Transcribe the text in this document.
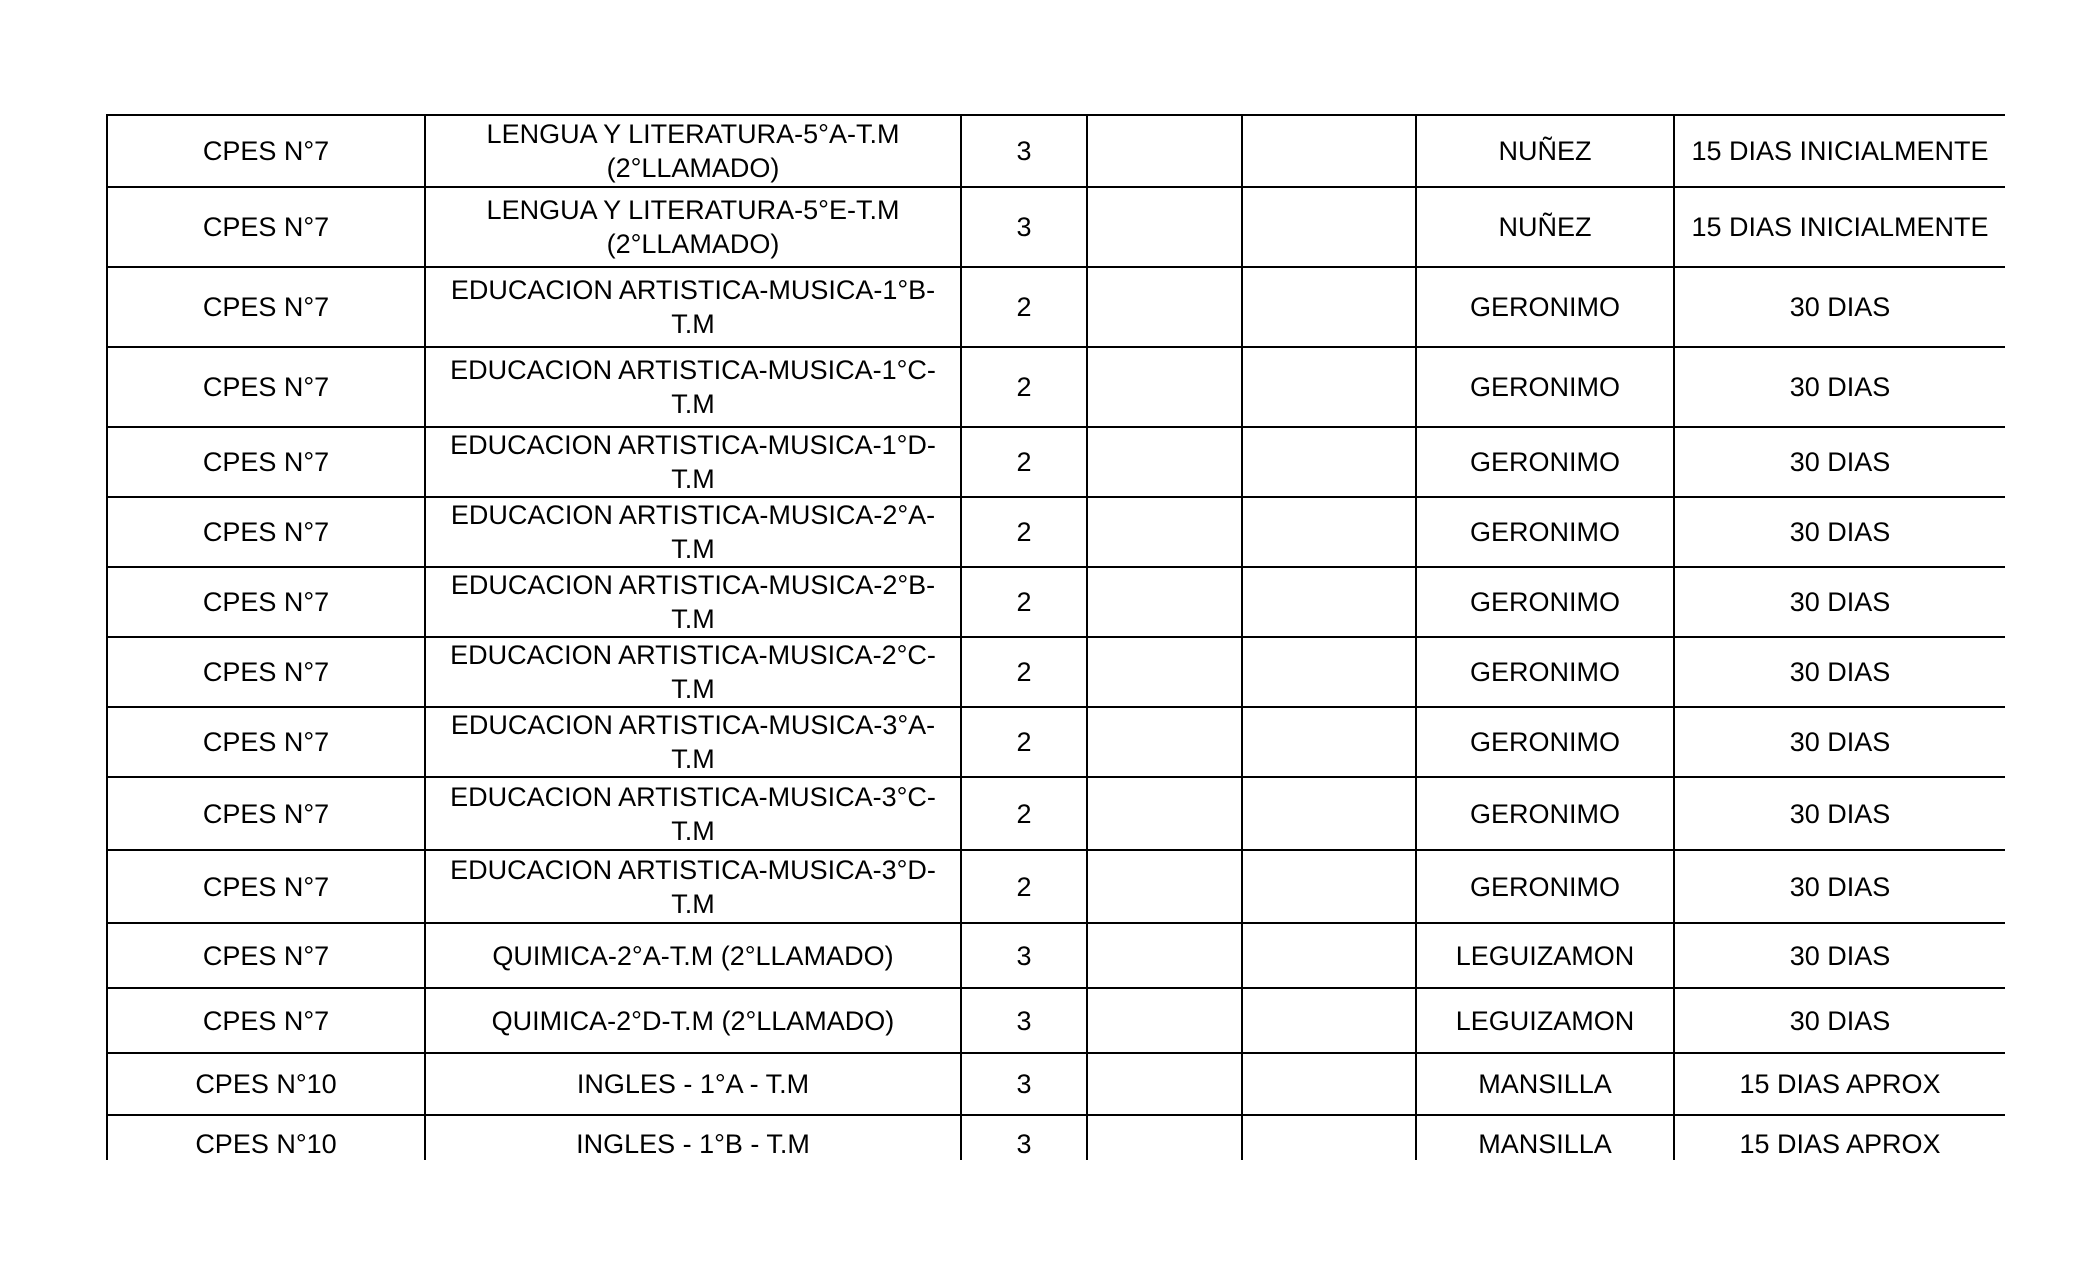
CPES N°7	LENGUA Y LITERATURA-5°A-T.M (2°LLAMADO)	3			NUÑEZ	15 DIAS INICIALMENTE
CPES N°7	LENGUA Y LITERATURA-5°E-T.M (2°LLAMADO)	3			NUÑEZ	15 DIAS INICIALMENTE
CPES N°7	EDUCACION ARTISTICA-MUSICA-1°B-T.M	2			GERONIMO	30 DIAS
CPES N°7	EDUCACION ARTISTICA-MUSICA-1°C-T.M	2			GERONIMO	30 DIAS
CPES N°7	EDUCACION ARTISTICA-MUSICA-1°D-T.M	2			GERONIMO	30 DIAS
CPES N°7	EDUCACION ARTISTICA-MUSICA-2°A-T.M	2			GERONIMO	30 DIAS
CPES N°7	EDUCACION ARTISTICA-MUSICA-2°B-T.M	2			GERONIMO	30 DIAS
CPES N°7	EDUCACION ARTISTICA-MUSICA-2°C-T.M	2			GERONIMO	30 DIAS
CPES N°7	EDUCACION ARTISTICA-MUSICA-3°A-T.M	2			GERONIMO	30 DIAS
CPES N°7	EDUCACION ARTISTICA-MUSICA-3°C-T.M	2			GERONIMO	30 DIAS
CPES N°7	EDUCACION ARTISTICA-MUSICA-3°D-T.M	2			GERONIMO	30 DIAS
CPES N°7	QUIMICA-2°A-T.M (2°LLAMADO)	3			LEGUIZAMON	30 DIAS
CPES N°7	QUIMICA-2°D-T.M (2°LLAMADO)	3			LEGUIZAMON	30 DIAS
CPES N°10	INGLES - 1°A - T.M	3			MANSILLA	15 DIAS APROX
CPES N°10	INGLES - 1°B - T.M	3			MANSILLA	15 DIAS APROX
